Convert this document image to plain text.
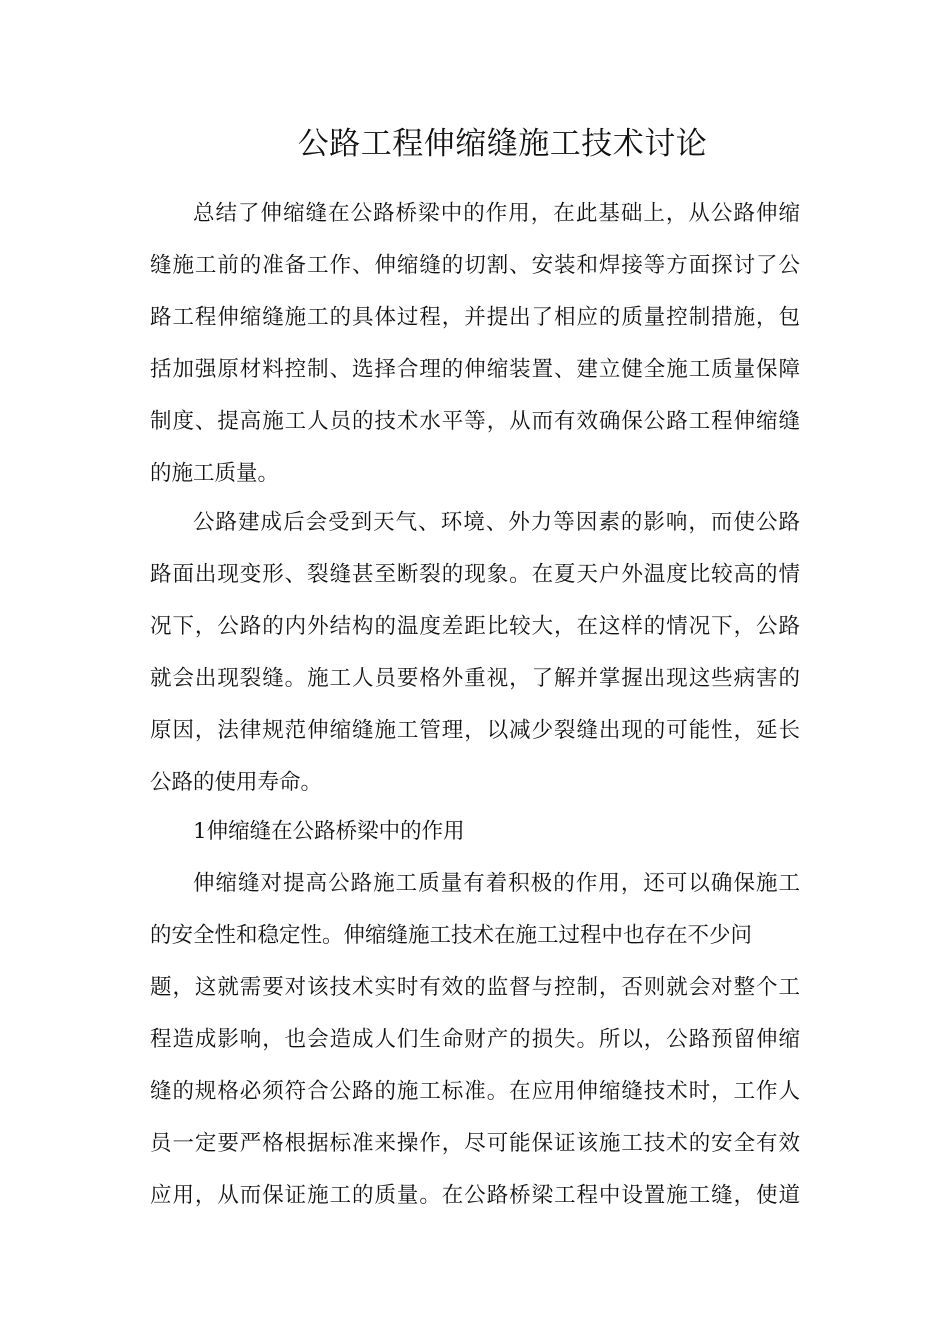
公路工程伸缩缝施工技术讨论
总结了伸缩缝在公路桥梁中的作用，在此基础上，从公路伸缩
缝施工前的准备工作、伸缩缝的切割、安装和焊接等方面探讨了公
路工程伸缩缝施工的具体过程，并提出了相应的质量控制措施，包
括加强原材料控制、选择合理的伸缩装置、建立健全施工质量保障
制度、提高施工人员的技术水平等，从而有效确保公路工程伸缩缝
的施工质量。
公路建成后会受到天气、环境、外力等因素的影响，而使公路
路面出现变形、裂缝甚至断裂的现象。在夏天户外温度比较高的情
况下，公路的内外结构的温度差距比较大，在这样的情况下，公路
就会出现裂缝。施工人员要格外重视，了解并掌握出现这些病害的
原因，法律规范伸缩缝施工管理，以减少裂缝出现的可能性，延长
公路的使用寿命。
1伸缩缝在公路桥梁中的作用
伸缩缝对提高公路施工质量有着积极的作用，还可以确保施工
的安全性和稳定性。伸缩缝施工技术在施工过程中也存在不少问
题，这就需要对该技术实时有效的监督与控制，否则就会对整个工
程造成影响，也会造成人们生命财产的损失。所以，公路预留伸缩
缝的规格必须符合公路的施工标准。在应用伸缩缝技术时，工作人
员一定要严格根据标准来操作，尽可能保证该施工技术的安全有效
应用，从而保证施工的质量。在公路桥梁工程中设置施工缝，使道
